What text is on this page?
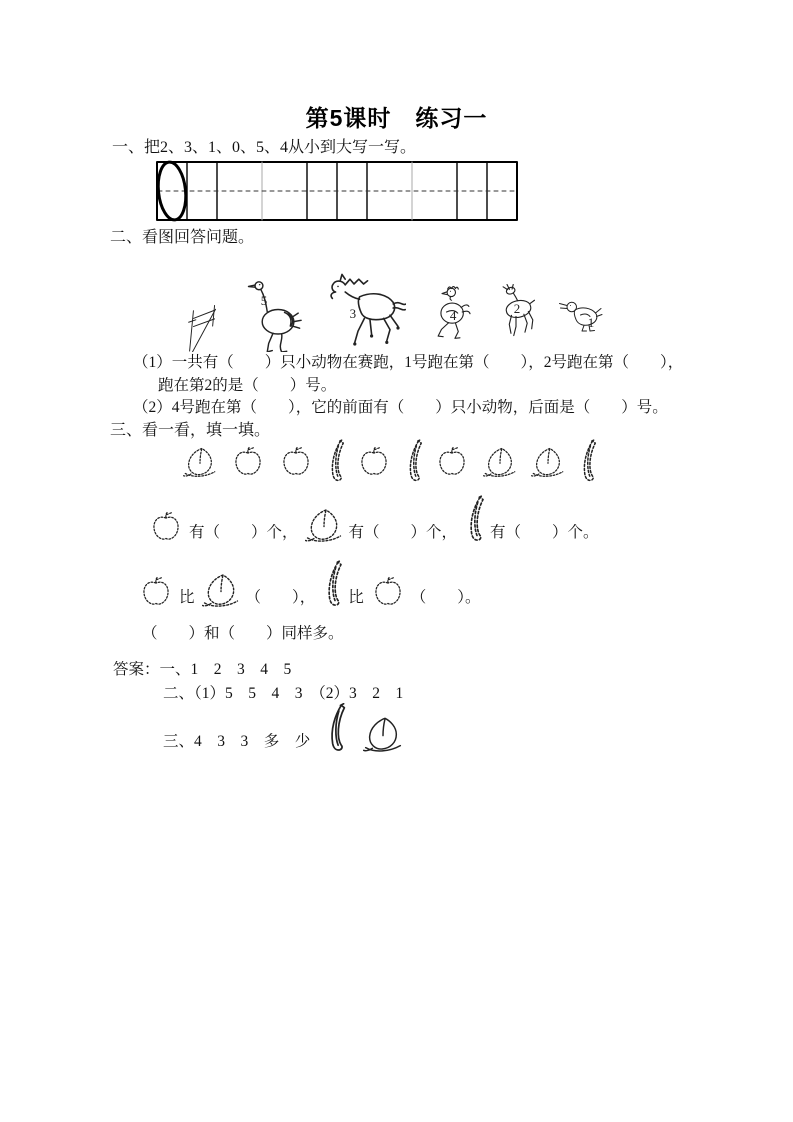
第5课时　练习一
一、把2、3、1、0、5、4从小到大写一写。
二、看图回答问题。
5
3	4	2
1
（1）一共有（　　）只小动物在赛跑，1号跑在第（　　），2号跑在第（　　），
跑在第2的是（　　）号。
（2）4号跑在第（　　），它的前面有（　　）只小动物，后面是（　　）号。
三、看一看，填一填。
有（　　）个，	有（　　）个， 有（　　）个。
比	（　　）， 比	（　　）。
（　　）和（　　）同样多。
答案：一、1　2　3　4　5
二、（1）5　5　4　3　（2）3　2　1
三、4　3　3　多　少
